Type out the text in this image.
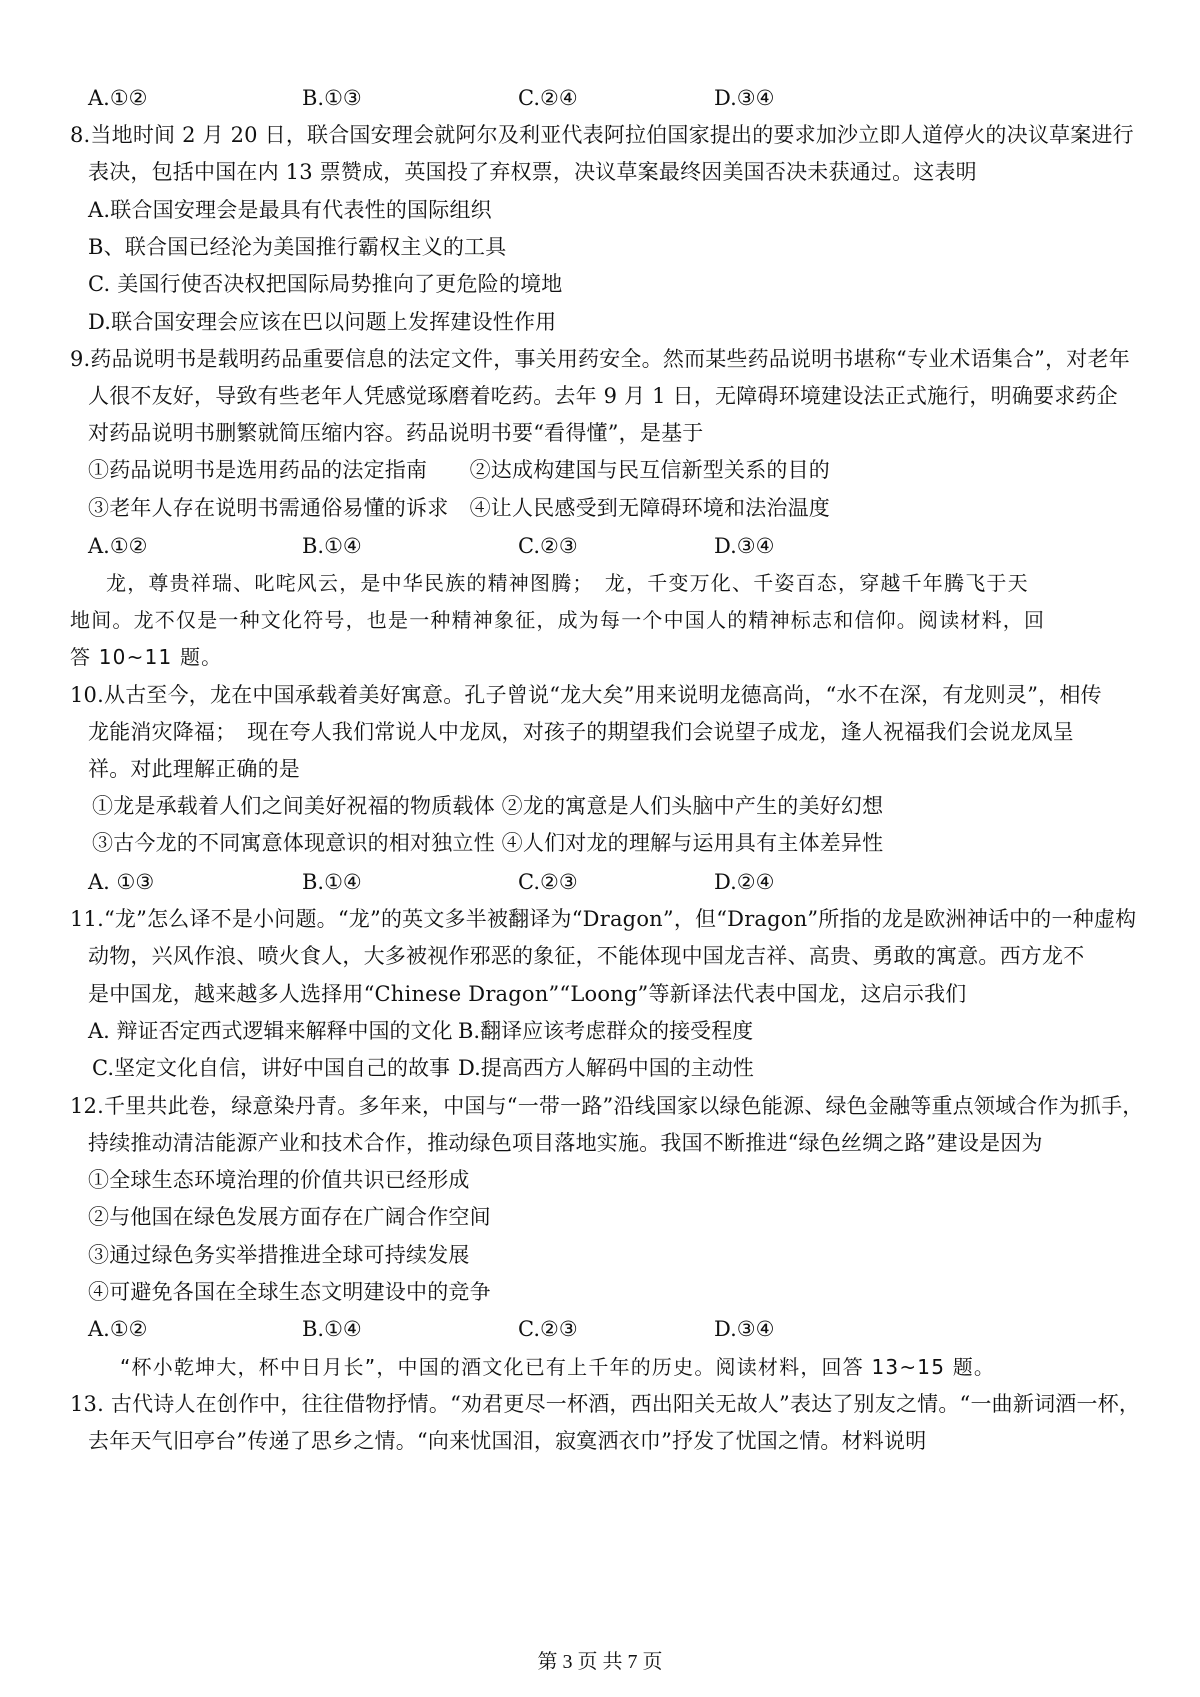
A.①②	B.①③	C.②④	D.③④
8.当地时间 2 月 20 日，联合国安理会就阿尔及利亚代表阿拉伯国家提出的要求加沙立即人道停火的决议草案进行
表决，包括中国在内 13 票赞成，英国投了弃权票，决议草案最终因美国否决未获通过。这表明
A.联合国安理会是最具有代表性的国际组织
B、联合国已经沦为美国推行霸权主义的工具
C. 美国行使否决权把国际局势推向了更危险的境地
D.联合国安理会应该在巴以问题上发挥建设性作用
9.药品说明书是载明药品重要信息的法定文件，事关用药安全。然而某些药品说明书堪称“专业术语集合”，对老年
人很不友好，导致有些老年人凭感觉琢磨着吃药。去年 9 月 1 日，无障碍环境建设法正式施行，明确要求药企
对药品说明书删繁就简压缩内容。药品说明书要“看得懂”，是基于
①药品说明书是选用药品的法定指南　　②达成构建国与民互信新型关系的目的
③老年人存在说明书需通俗易懂的诉求　④让人民感受到无障碍环境和法治温度
A.①②	B.①④	C.②③	D.③④
龙，尊贵祥瑞、叱咤风云，是中华民族的精神图腾；　龙，千变万化、千姿百态，穿越千年腾飞于天
地间。龙不仅是一种文化符号，也是一种精神象征，成为每一个中国人的精神标志和信仰。阅读材料，回
答 10~11 题。
10.从古至今，龙在中国承载着美好寓意。孔子曾说“龙大矣”用来说明龙德高尚，“水不在深，有龙则灵”，相传
龙能消灾降福；　现在夸人我们常说人中龙凤，对孩子的期望我们会说望子成龙，逢人祝福我们会说龙凤呈
祥。对此理解正确的是
①龙是承载着人们之间美好祝福的物质载体 ②龙的寓意是人们头脑中产生的美好幻想
③古今龙的不同寓意体现意识的相对独立性 ④人们对龙的理解与运用具有主体差异性
A. ①③	B.①④	C.②③	D.②④
11.“龙”怎么译不是小问题。“龙”的英文多半被翻译为“Dragon”，但“Dragon”所指的龙是欧洲神话中的一种虚构
动物，兴风作浪、喷火食人，大多被视作邪恶的象征，不能体现中国龙吉祥、高贵、勇敢的寓意。西方龙不
是中国龙，越来越多人选择用“Chinese Dragon”“Loong”等新译法代表中国龙，这启示我们
A. 辩证否定西式逻辑来解释中国的文化 B.翻译应该考虑群众的接受程度
C.坚定文化自信，讲好中国自己的故事 D.提高西方人解码中国的主动性
12.千里共此卷，绿意染丹青。多年来，中国与“一带一路”沿线国家以绿色能源、绿色金融等重点领域合作为抓手，
持续推动清洁能源产业和技术合作，推动绿色项目落地实施。我国不断推进“绿色丝绸之路”建设是因为
①全球生态环境治理的价值共识已经形成
②与他国在绿色发展方面存在广阔合作空间
③通过绿色务实举措推进全球可持续发展
④可避免各国在全球生态文明建设中的竞争
A.①②	B.①④	C.②③	D.③④
“杯小乾坤大，杯中日月长”，中国的酒文化已有上千年的历史。阅读材料，回答 13~15 题。
13. 古代诗人在创作中，往往借物抒情。“劝君更尽一杯酒，西出阳关无故人”表达了别友之情。“一曲新词酒一杯，
去年天气旧亭台”传递了思乡之情。“向来忧国泪，寂寞洒衣巾”抒发了忧国之情。材料说明
第 3 页 共 7 页
